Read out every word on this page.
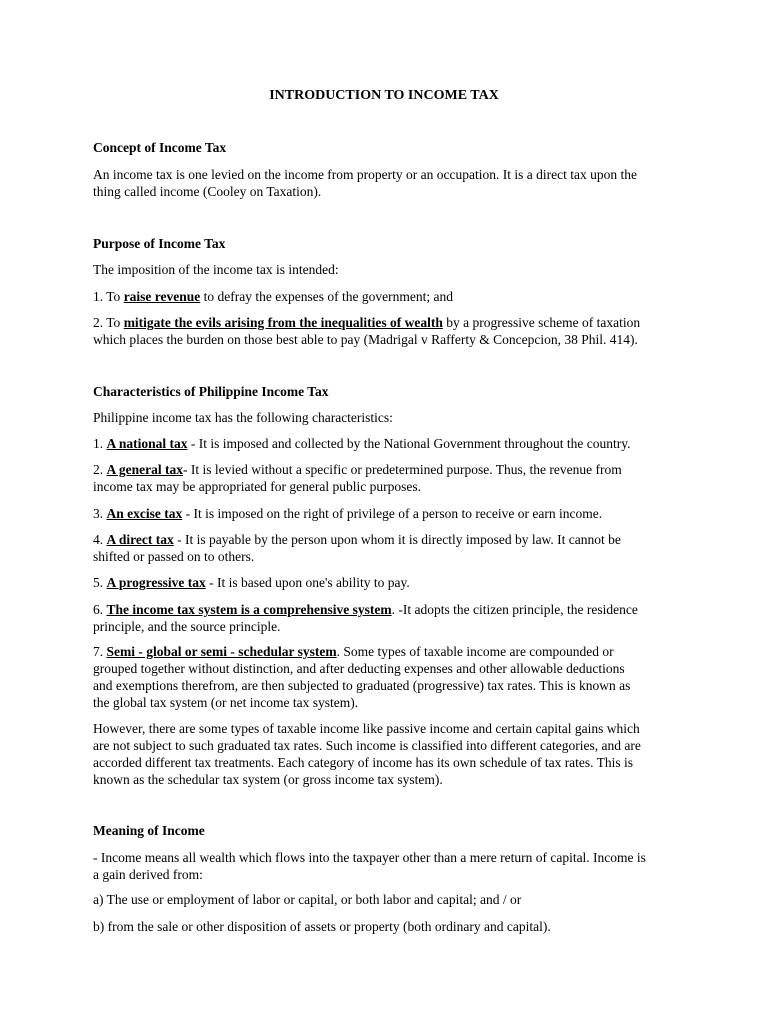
INTRODUCTION TO INCOME TAX
Concept of Income Tax
An income tax is one levied on the income from property or an occupation. It is a direct tax upon the
thing called income (Cooley on Taxation).
Purpose of Income Tax
The imposition of the income tax is intended:
1. To raise revenue to defray the expenses of the government; and
2. To mitigate the evils arising from the inequalities of wealth by a progressive scheme of taxation
which places the burden on those best able to pay (Madrigal v Rafferty & Concepcion, 38 Phil. 414).
Characteristics of Philippine Income Tax
Philippine income tax has the following characteristics:
1. A national tax - It is imposed and collected by the National Government throughout the country.
2. A general tax- It is levied without a specific or predetermined purpose. Thus, the revenue from
income tax may be appropriated for general public purposes.
3. An excise tax - It is imposed on the right of privilege of a person to receive or earn income.
4. A direct tax - It is payable by the person upon whom it is directly imposed by law. It cannot be
shifted or passed on to others.
5. A progressive tax - It is based upon one's ability to pay.
6. The income tax system is a comprehensive system. -It adopts the citizen principle, the residence
principle, and the source principle.
7. Semi - global or semi - schedular system. Some types of taxable income are compounded or
grouped together without distinction, and after deducting expenses and other allowable deductions
and exemptions therefrom, are then subjected to graduated (progressive) tax rates. This is known as
the global tax system (or net income tax system).
However, there are some types of taxable income like passive income and certain capital gains which
are not subject to such graduated tax rates. Such income is classified into different categories, and are
accorded different tax treatments. Each category of income has its own schedule of tax rates. This is
known as the schedular tax system (or gross income tax system).
Meaning of Income
- Income means all wealth which flows into the taxpayer other than a mere return of capital. Income is
a gain derived from:
a) The use or employment of labor or capital, or both labor and capital; and / or
b) from the sale or other disposition of assets or property (both ordinary and capital).
